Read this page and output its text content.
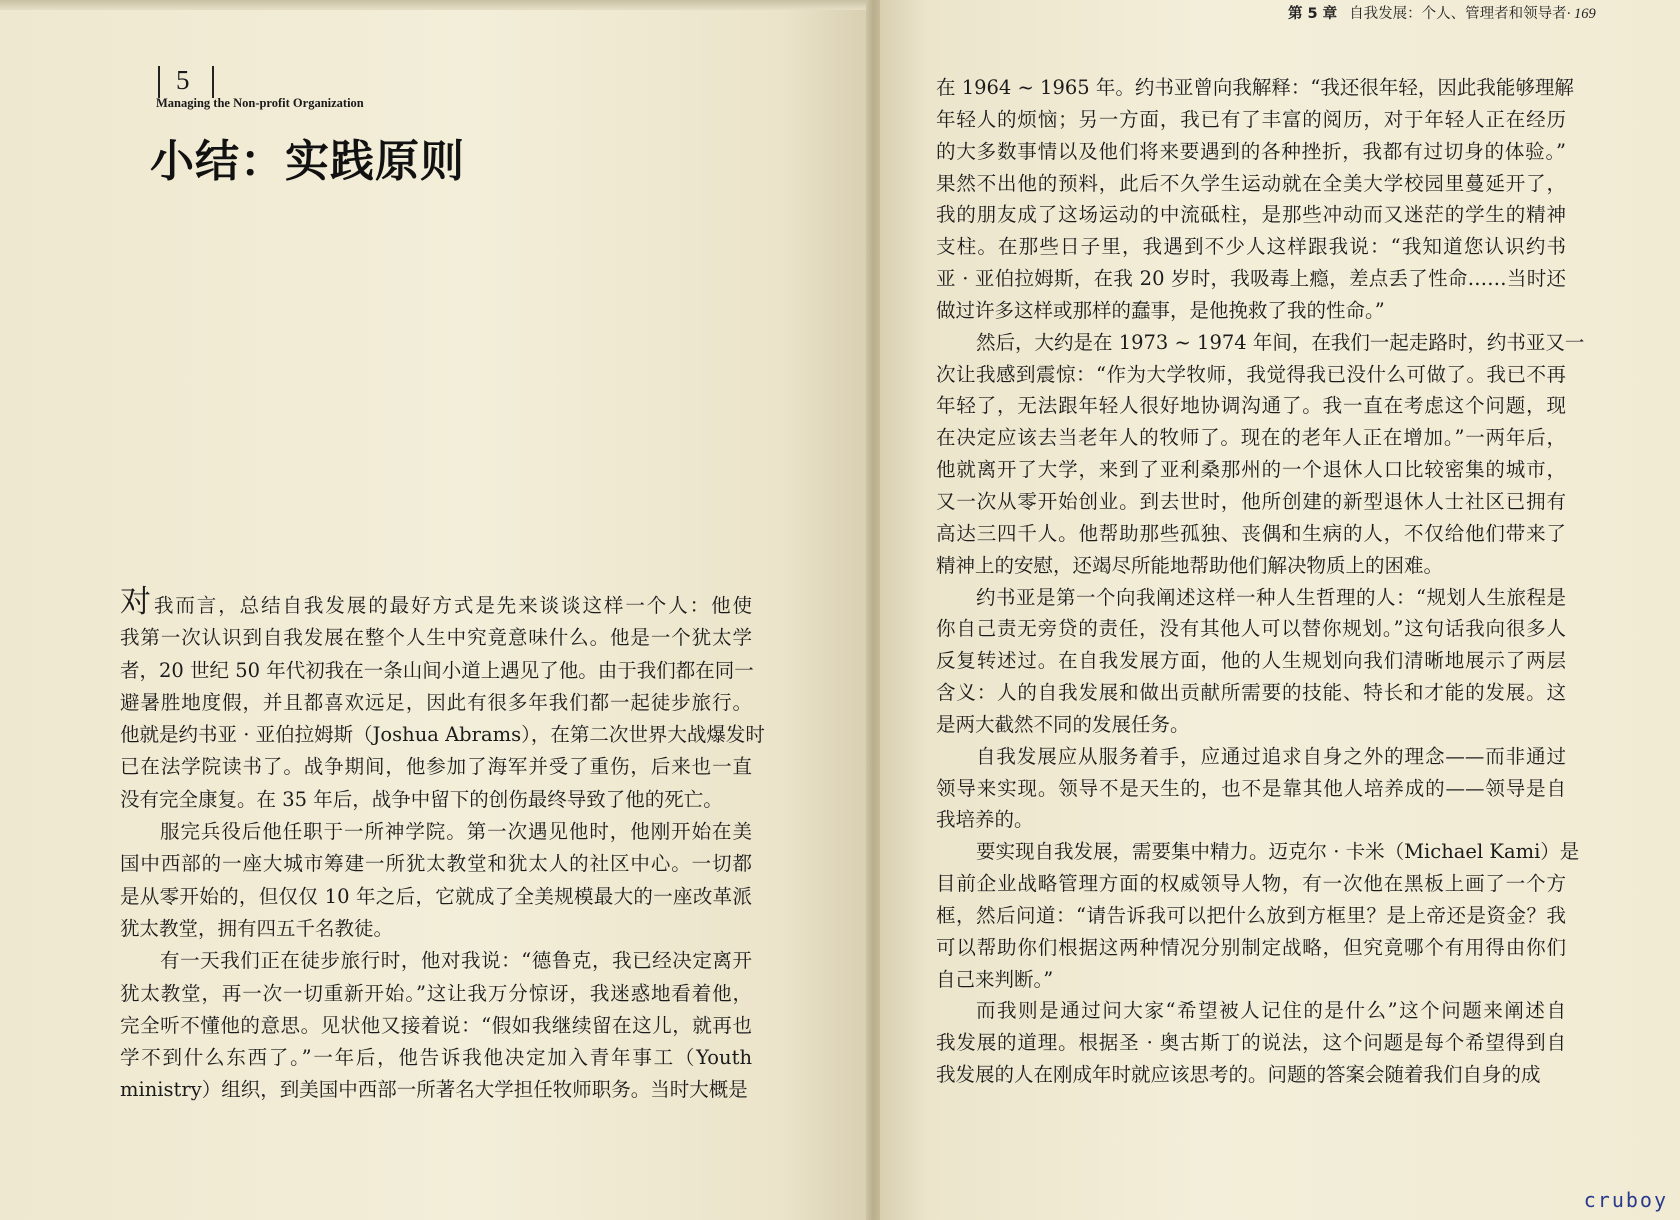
5
Managing the Non-profit Organization
小结：实践原则
对我而言，总结自我发展的最好方式是先来谈谈这样一个人：他使
我第一次认识到自我发展在整个人生中究竟意味什么。他是一个犹太学
者，20 世纪 50 年代初我在一条山间小道上遇见了他。由于我们都在同一
避暑胜地度假，并且都喜欢远足，因此有很多年我们都一起徒步旅行。
他就是约书亚 · 亚伯拉姆斯（Joshua Abrams），在第二次世界大战爆发时
已在法学院读书了。战争期间，他参加了海军并受了重伤，后来也一直
没有完全康复。在 35 年后，战争中留下的创伤最终导致了他的死亡。
服完兵役后他任职于一所神学院。第一次遇见他时，他刚开始在美
国中西部的一座大城市筹建一所犹太教堂和犹太人的社区中心。一切都
是从零开始的，但仅仅 10 年之后，它就成了全美规模最大的一座改革派
犹太教堂，拥有四五千名教徒。
有一天我们正在徒步旅行时，他对我说：“德鲁克，我已经决定离开
犹太教堂，再一次一切重新开始。”这让我万分惊讶，我迷惑地看着他，
完全听不懂他的意思。见状他又接着说：“假如我继续留在这儿，就再也
学不到什么东西了。”一年后，他告诉我他决定加入青年事工（Youth
ministry）组织，到美国中西部一所著名大学担任牧师职务。当时大概是
第 5 章 自我发展：个人、管理者和领导者· 169
在 1964 ~ 1965 年。约书亚曾向我解释：“我还很年轻，因此我能够理解
年轻人的烦恼；另一方面，我已有了丰富的阅历，对于年轻人正在经历
的大多数事情以及他们将来要遇到的各种挫折，我都有过切身的体验。”
果然不出他的预料，此后不久学生运动就在全美大学校园里蔓延开了，
我的朋友成了这场运动的中流砥柱，是那些冲动而又迷茫的学生的精神
支柱。在那些日子里，我遇到不少人这样跟我说：“我知道您认识约书
亚 · 亚伯拉姆斯，在我 20 岁时，我吸毒上瘾，差点丢了性命……当时还
做过许多这样或那样的蠢事，是他挽救了我的性命。”
然后，大约是在 1973 ~ 1974 年间，在我们一起走路时，约书亚又一
次让我感到震惊：“作为大学牧师，我觉得我已没什么可做了。我已不再
年轻了，无法跟年轻人很好地协调沟通了。我一直在考虑这个问题，现
在决定应该去当老年人的牧师了。现在的老年人正在增加。”一两年后，
他就离开了大学，来到了亚利桑那州的一个退休人口比较密集的城市，
又一次从零开始创业。到去世时，他所创建的新型退休人士社区已拥有
高达三四千人。他帮助那些孤独、丧偶和生病的人，不仅给他们带来了
精神上的安慰，还竭尽所能地帮助他们解决物质上的困难。
约书亚是第一个向我阐述这样一种人生哲理的人：“规划人生旅程是
你自己责无旁贷的责任，没有其他人可以替你规划。”这句话我向很多人
反复转述过。在自我发展方面，他的人生规划向我们清晰地展示了两层
含义：人的自我发展和做出贡献所需要的技能、特长和才能的发展。这
是两大截然不同的发展任务。
自我发展应从服务着手，应通过追求自身之外的理念——而非通过
领导来实现。领导不是天生的，也不是靠其他人培养成的——领导是自
我培养的。
要实现自我发展，需要集中精力。迈克尔 · 卡米（Michael Kami）是
目前企业战略管理方面的权威领导人物，有一次他在黑板上画了一个方
框，然后问道：“请告诉我可以把什么放到方框里？是上帝还是资金？我
可以帮助你们根据这两种情况分别制定战略，但究竟哪个有用得由你们
自己来判断。”
而我则是通过问大家“希望被人记住的是什么”这个问题来阐述自
我发展的道理。根据圣 · 奥古斯丁的说法，这个问题是每个希望得到自
我发展的人在刚成年时就应该思考的。问题的答案会随着我们自身的成
cruboy
